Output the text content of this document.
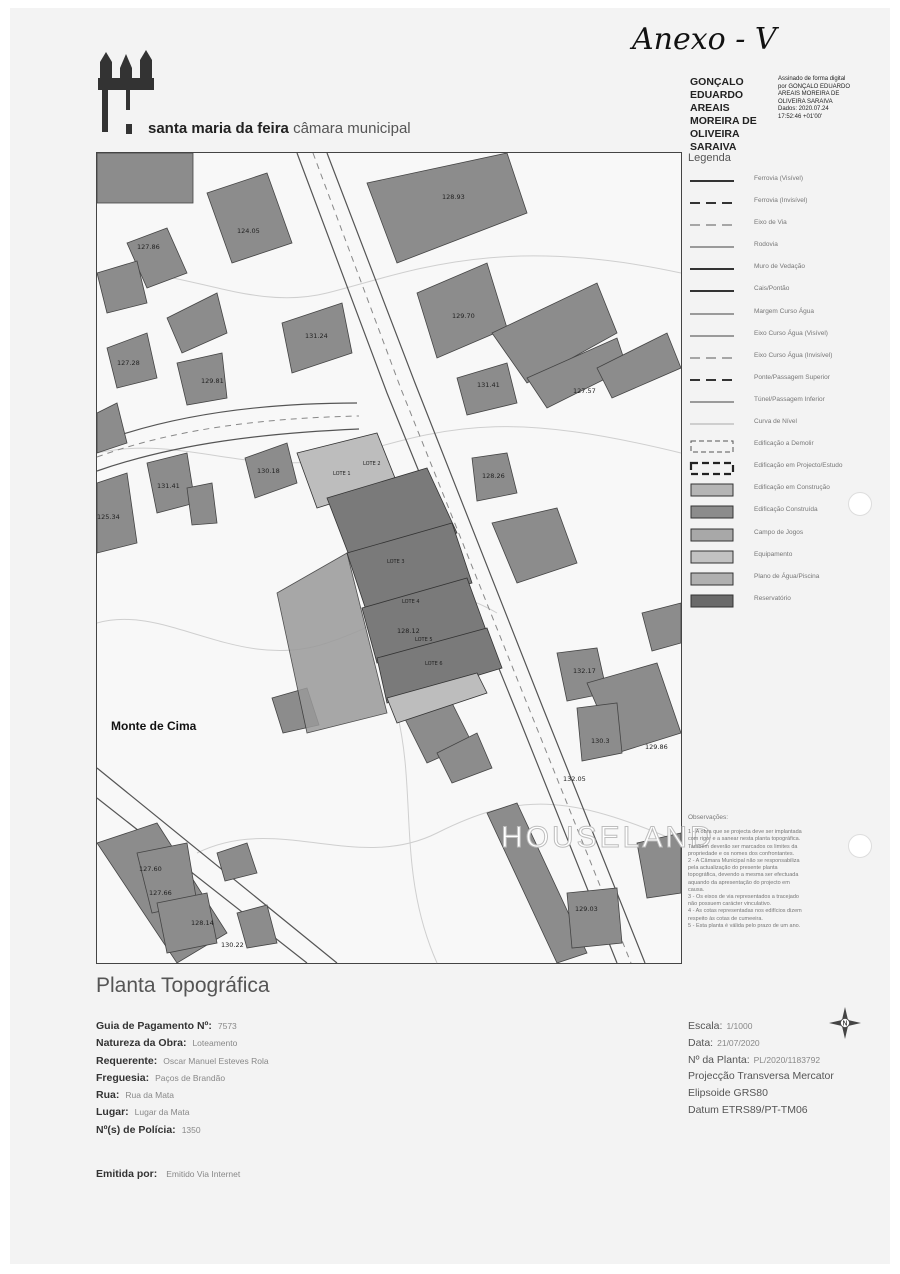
santa maria da feira câmara municipal
Anexo - V
GONÇALO
EDUARDO AREAIS
MOREIRA DE
OLIVEIRA SARAIVA
Assinado de forma digital
por GONÇALO EDUARDO
AREAIS MOREIRA DE
OLIVEIRA SARAIVA
Dados: 2020.07.24
17:52:46 +01'00'
LOTE 1
LOTE 2
LOTE 3
LOTE 4
LOTE 5
LOTE 6
128.93
127.86
124.05
129.70
131.24
127.28
129.81	131.41
127.57
130.18
125.34
131.41
128.26
128.12
132.17
130.3
129.86
132.05
127.60
127.66
128.14
130.22
129.03
Monte de Cima
HOUSELAND
Legenda
Ferrovia (Visível)
Ferrovia (Invisível)
Eixo de Via
Rodovia
Muro de Vedação
Cais/Pontão
Margem Curso Água
Eixo Curso Água (Visível)
Eixo Curso Água (Invisível)
Ponte/Passagem Superior
Túnel/Passagem Inferior
Curva de Nível
Edificação a Demolir
Edificação em Projecto/Estudo
Edificação em Construção
Edificação Construída
Campo de Jogos
Equipamento
Plano de Água/Piscina
Reservatório
Observações:

1 - A obra que se projecta deve ser implantada

com rigor e a sanear nesta planta topográfica.

Também deverão ser marcados os limites da

propriedade e os nomes dos confrontantes.

2 - A Câmara Municipal não se responsabiliza

pela actualização do presente planta

topográfica, devendo a mesma ser efectuada

aquando da apresentação do projecto em

causa.

3 - Os eixos de via representados a tracejado

não possuem carácter vinculativo.

4 - As cotas representadas nos edifícios dizem

respeito às cotas de cumeeira.

5 - Esta planta é válida pelo prazo de um ano.

Planta Topográfica
Guia de Pagamento Nº: 7573
Natureza da Obra: Loteamento
Requerente: Oscar Manuel Esteves Rola
Freguesia: Paços de Brandão
Rua: Rua da Mata
Lugar: Lugar da Mata
Nº(s) de Polícia: 1350
Emitida por: Emitido Via Internet
Escala: 1/1000
Data: 21/07/2020
Nº da Planta: PL/2020/1183792
Projecção Transversa Mercator
Elipsoide GRS80
Datum ETRS89/PT-TM06
N
